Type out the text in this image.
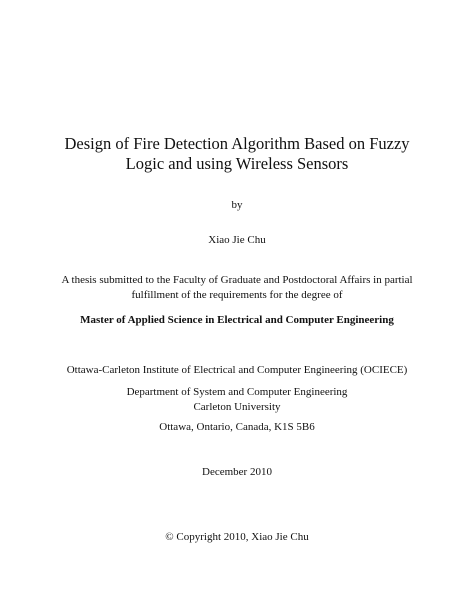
Design of Fire Detection Algorithm Based on Fuzzy
Logic and using Wireless Sensors
by
Xiao Jie Chu
A thesis submitted to the Faculty of Graduate and Postdoctoral Affairs in partial
fulfillment of the requirements for the degree of
Master of Applied Science in Electrical and Computer Engineering
Ottawa-Carleton Institute of Electrical and Computer Engineering (OCIECE)
Department of System and Computer Engineering
Carleton University
Ottawa, Ontario, Canada, K1S 5B6
December 2010
© Copyright 2010, Xiao Jie Chu
